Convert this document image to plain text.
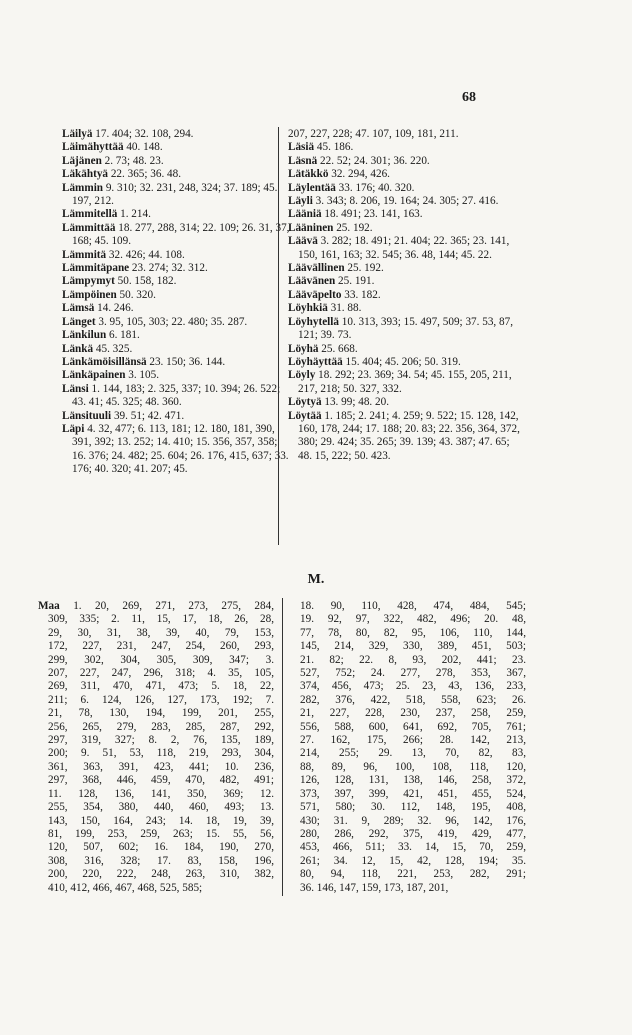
68

Läilyä 17. 404; 32. 108, 294.

Läimähyttää 40. 148.

Läjänen 2. 73; 48. 23.

Läkähtyä 22. 365; 36. 48.

Lämmin 9. 310; 32. 231, 248, 324; 37. 189; 45. 197, 212.

Lämmitellä 1. 214.

Lämmittää 18. 277, 288, 314; 22. 109; 26. 31, 37, 168; 45. 109.

Lämmitä 32. 426; 44. 108.

Lämmitäpane 23. 274; 32. 312.

Lämpymyt 50. 158, 182.

Lämpöinen 50. 320.

Lämsä 14. 246.

Länget 3. 95, 105, 303; 22. 480; 35. 287.

Länkilun 6. 181.

Länkä 45. 325.

Länkämöisillänsä 23. 150; 36. 144.

Länkäpainen 3. 105.

Länsi 1. 144, 183; 2. 325, 337; 10. 394; 26. 522; 43. 41; 45. 325; 48. 360.

Länsituuli 39. 51; 42. 471.

Läpi 4. 32, 477; 6. 113, 181; 12. 180, 181, 390, 391, 392; 13. 252; 14. 410; 15. 356, 357, 358; 16. 376; 24. 482; 25. 604; 26. 176, 415, 637; 33. 176; 40. 320; 41. 207; 45.

207, 227, 228; 47. 107, 109, 181, 211.

Läsiä 45. 186.

Läsnä 22. 52; 24. 301; 36. 220.

Lätäkkö 32. 294, 426.

Läylentää 33. 176; 40. 320.

Läyli 3. 343; 8. 206, 19. 164; 24. 305; 27. 416.

Lääniä 18. 491; 23. 141, 163.

Lääninen 25. 192.

Läävä 3. 282; 18. 491; 21. 404; 22. 365; 23. 141, 150, 161, 163; 32. 545; 36. 48, 144; 45. 22.

Läävällinen 25. 192.

Läävänen 25. 191.

Lääväpelto 33. 182.

Löyhkiä 31. 88.

Löyhytellä 10. 313, 393; 15. 497, 509; 37. 53, 87, 121; 39. 73.

Löyhä 25. 668.

Löyhäyttää 15. 404; 45. 206; 50. 319.

Löyly 18. 292; 23. 369; 34. 54; 45. 155, 205, 211, 217, 218; 50. 327, 332.

Löytyä 13. 99; 48. 20.

Löytää 1. 185; 2. 241; 4. 259; 9. 522; 15. 128, 142, 160, 178, 244; 17. 188; 20. 83; 22. 356, 364, 372, 380; 29. 424; 35. 265; 39. 139; 43. 387; 47. 65; 48. 15, 222; 50. 423.

M.

Maa 1. 20, 269, 271, 273, 275, 284,

309, 335; 2. 11, 15, 17, 18, 26, 28,

29, 30, 31, 38, 39, 40, 79, 153,

172, 227, 231, 247, 254, 260, 293,

299, 302, 304, 305, 309, 347; 3.

207, 227, 247, 296, 318; 4. 35, 105,

269, 311, 470, 471, 473; 5. 18, 22,

211; 6. 124, 126, 127, 173, 192; 7.

21, 78, 130, 194, 199, 201, 255,

256, 265, 279, 283, 285, 287, 292,

297, 319, 327; 8. 2, 76, 135, 189,

200; 9. 51, 53, 118, 219, 293, 304,

361, 363, 391, 423, 441; 10. 236,

297, 368, 446, 459, 470, 482, 491;

11. 128, 136, 141, 350, 369; 12.

255, 354, 380, 440, 460, 493; 13.

143, 150, 164, 243; 14. 18, 19, 39,

81, 199, 253, 259, 263; 15. 55, 56,

120, 507, 602; 16. 184, 190, 270,

308, 316, 328; 17. 83, 158, 196,

200, 220, 222, 248, 263, 310, 382,

410, 412, 466, 467, 468, 525, 585;

18. 90, 110, 428, 474, 484, 545;

19. 92, 97, 322, 482, 496; 20. 48,

77, 78, 80, 82, 95, 106, 110, 144,

145, 214, 329, 330, 389, 451, 503;

21. 82; 22. 8, 93, 202, 441; 23.

527, 752; 24. 277, 278, 353, 367,

374, 456, 473; 25. 23, 43, 136, 233,

282, 376, 422, 518, 558, 623; 26.

21, 227, 228, 230, 237, 258, 259,

556, 588, 600, 641, 692, 705, 761;

27. 162, 175, 266; 28. 142, 213,

214, 255; 29. 13, 70, 82, 83,

88, 89, 96, 100, 108, 118, 120,

126, 128, 131, 138, 146, 258, 372,

373, 397, 399, 421, 451, 455, 524,

571, 580; 30. 112, 148, 195, 408,

430; 31. 9, 289; 32. 96, 142, 176,

280, 286, 292, 375, 419, 429, 477,

453, 466, 511; 33. 14, 15, 70, 259,

261; 34. 12, 15, 42, 128, 194; 35.

80, 94, 118, 221, 253, 282, 291;

36. 146, 147, 159, 173, 187, 201,
